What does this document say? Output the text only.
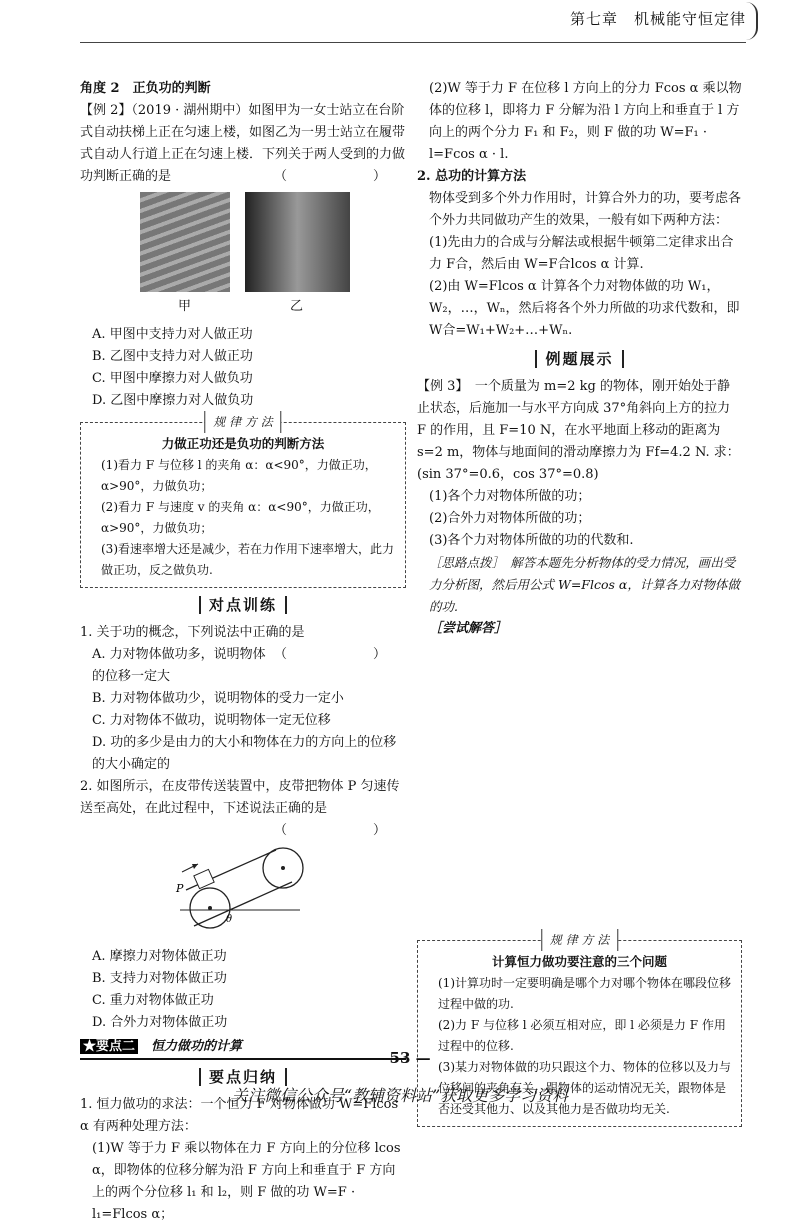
第七章　机械能守恒定律

角度 2　正负功的判断

【例 2】（2019 · 湖州期中）如图甲为一女士站立在台阶式自动扶梯上正在匀速上楼，如图乙为一男士站立在履带式自动人行道上正在匀速上楼．下列关于两人受到的力做功判断正确的是	（　　）

甲	乙

A. 甲图中支持力对人做正功

B. 乙图中支持力对人做正功

C. 甲图中摩擦力对人做负功

D. 乙图中摩擦力对人做负功

规 律 方 法
力做正功还是负功的判断方法

(1)看力 F 与位移 l 的夹角 α：α<90°，力做正功，α>90°，力做负功；

(2)看力 F 与速度 v 的夹角 α：α<90°，力做正功，α>90°，力做负功；

(3)看速率增大还是减少，若在力作用下速率增大，此力做正功，反之做负功.

对点训练

1. 关于功的概念，下列说法中正确的是
（　　）

A. 力对物体做功多，说明物体的位移一定大

B. 力对物体做功少，说明物体的受力一定小

C. 力对物体不做功，说明物体一定无位移

D. 功的多少是由力的大小和物体在力的方向上的位移的大小确定的

2. 如图所示，在皮带传送装置中，皮带把物体 P 匀速传送至高处，在此过程中，下述说法正确的是
（　　）

P
θ

A. 摩擦力对物体做正功

B. 支持力对物体做正功

C. 重力对物体做正功

D. 合外力对物体做正功

★要点二　 恒力做功的计算

要点归纳

1. 恒力做功的求法：一个恒力 F 对物体做功 W=Flcos α 有两种处理方法：

(1)W 等于力 F 乘以物体在力 F 方向上的分位移 lcos α，即物体的位移分解为沿 F 方向上和垂直于 F 方向上的两个分位移 l₁ 和 l₂，则 F 做的功 W=F · l₁=Flcos α；

(2)W 等于力 F 在位移 l 方向上的分力 Fcos α 乘以物体的位移 l，即将力 F 分解为沿 l 方向上和垂直于 l 方向上的两个分力 F₁ 和 F₂，则 F 做的功 W=F₁ · l=Fcos α · l.

2. 总功的计算方法

物体受到多个外力作用时，计算合外力的功，要考虑各个外力共同做功产生的效果，一般有如下两种方法：

(1)先由力的合成与分解法或根据牛顿第二定律求出合力 F合，然后由 W=F合lcos α 计算.

(2)由 W=Flcos α 计算各个力对物体做的功 W₁，W₂，…，Wₙ，然后将各个外力所做的功求代数和，即 W合=W₁+W₂+…+Wₙ.

例题展示

【例 3】　一个质量为 m=2 kg 的物体，刚开始处于静止状态，后施加一与水平方向成 37°角斜向上方的拉力 F 的作用，且 F=10 N，在水平地面上移动的距离为 s=2 m，物体与地面间的滑动摩擦力为 Ff=4.2 N. 求：(sin 37°=0.6，cos 37°=0.8)

(1)各个力对物体所做的功；

(2)合外力对物体所做的功；

(3)各个力对物体所做的功的代数和.

［思路点拨］　解答本题先分析物体的受力情况，画出受力分析图，然后用公式 W=Flcos α，计算各力对物体做的功.

［尝试解答］

规 律 方 法
计算恒力做功要注意的三个问题

(1)计算功时一定要明确是哪个力对哪个物体在哪段位移过程中做的功.

(2)力 F 与位移 l 必须互相对应，即 l 必须是力 F 作用过程中的位移.

(3)某力对物体做的功只跟这个力、物体的位移以及力与位移间的夹角有关，跟物体的运动情况无关，跟物体是否还受其他力、以及其他力是否做功均无关.

— 53 —
关注微信公众号“教辅资料站”获取更多学习资料
